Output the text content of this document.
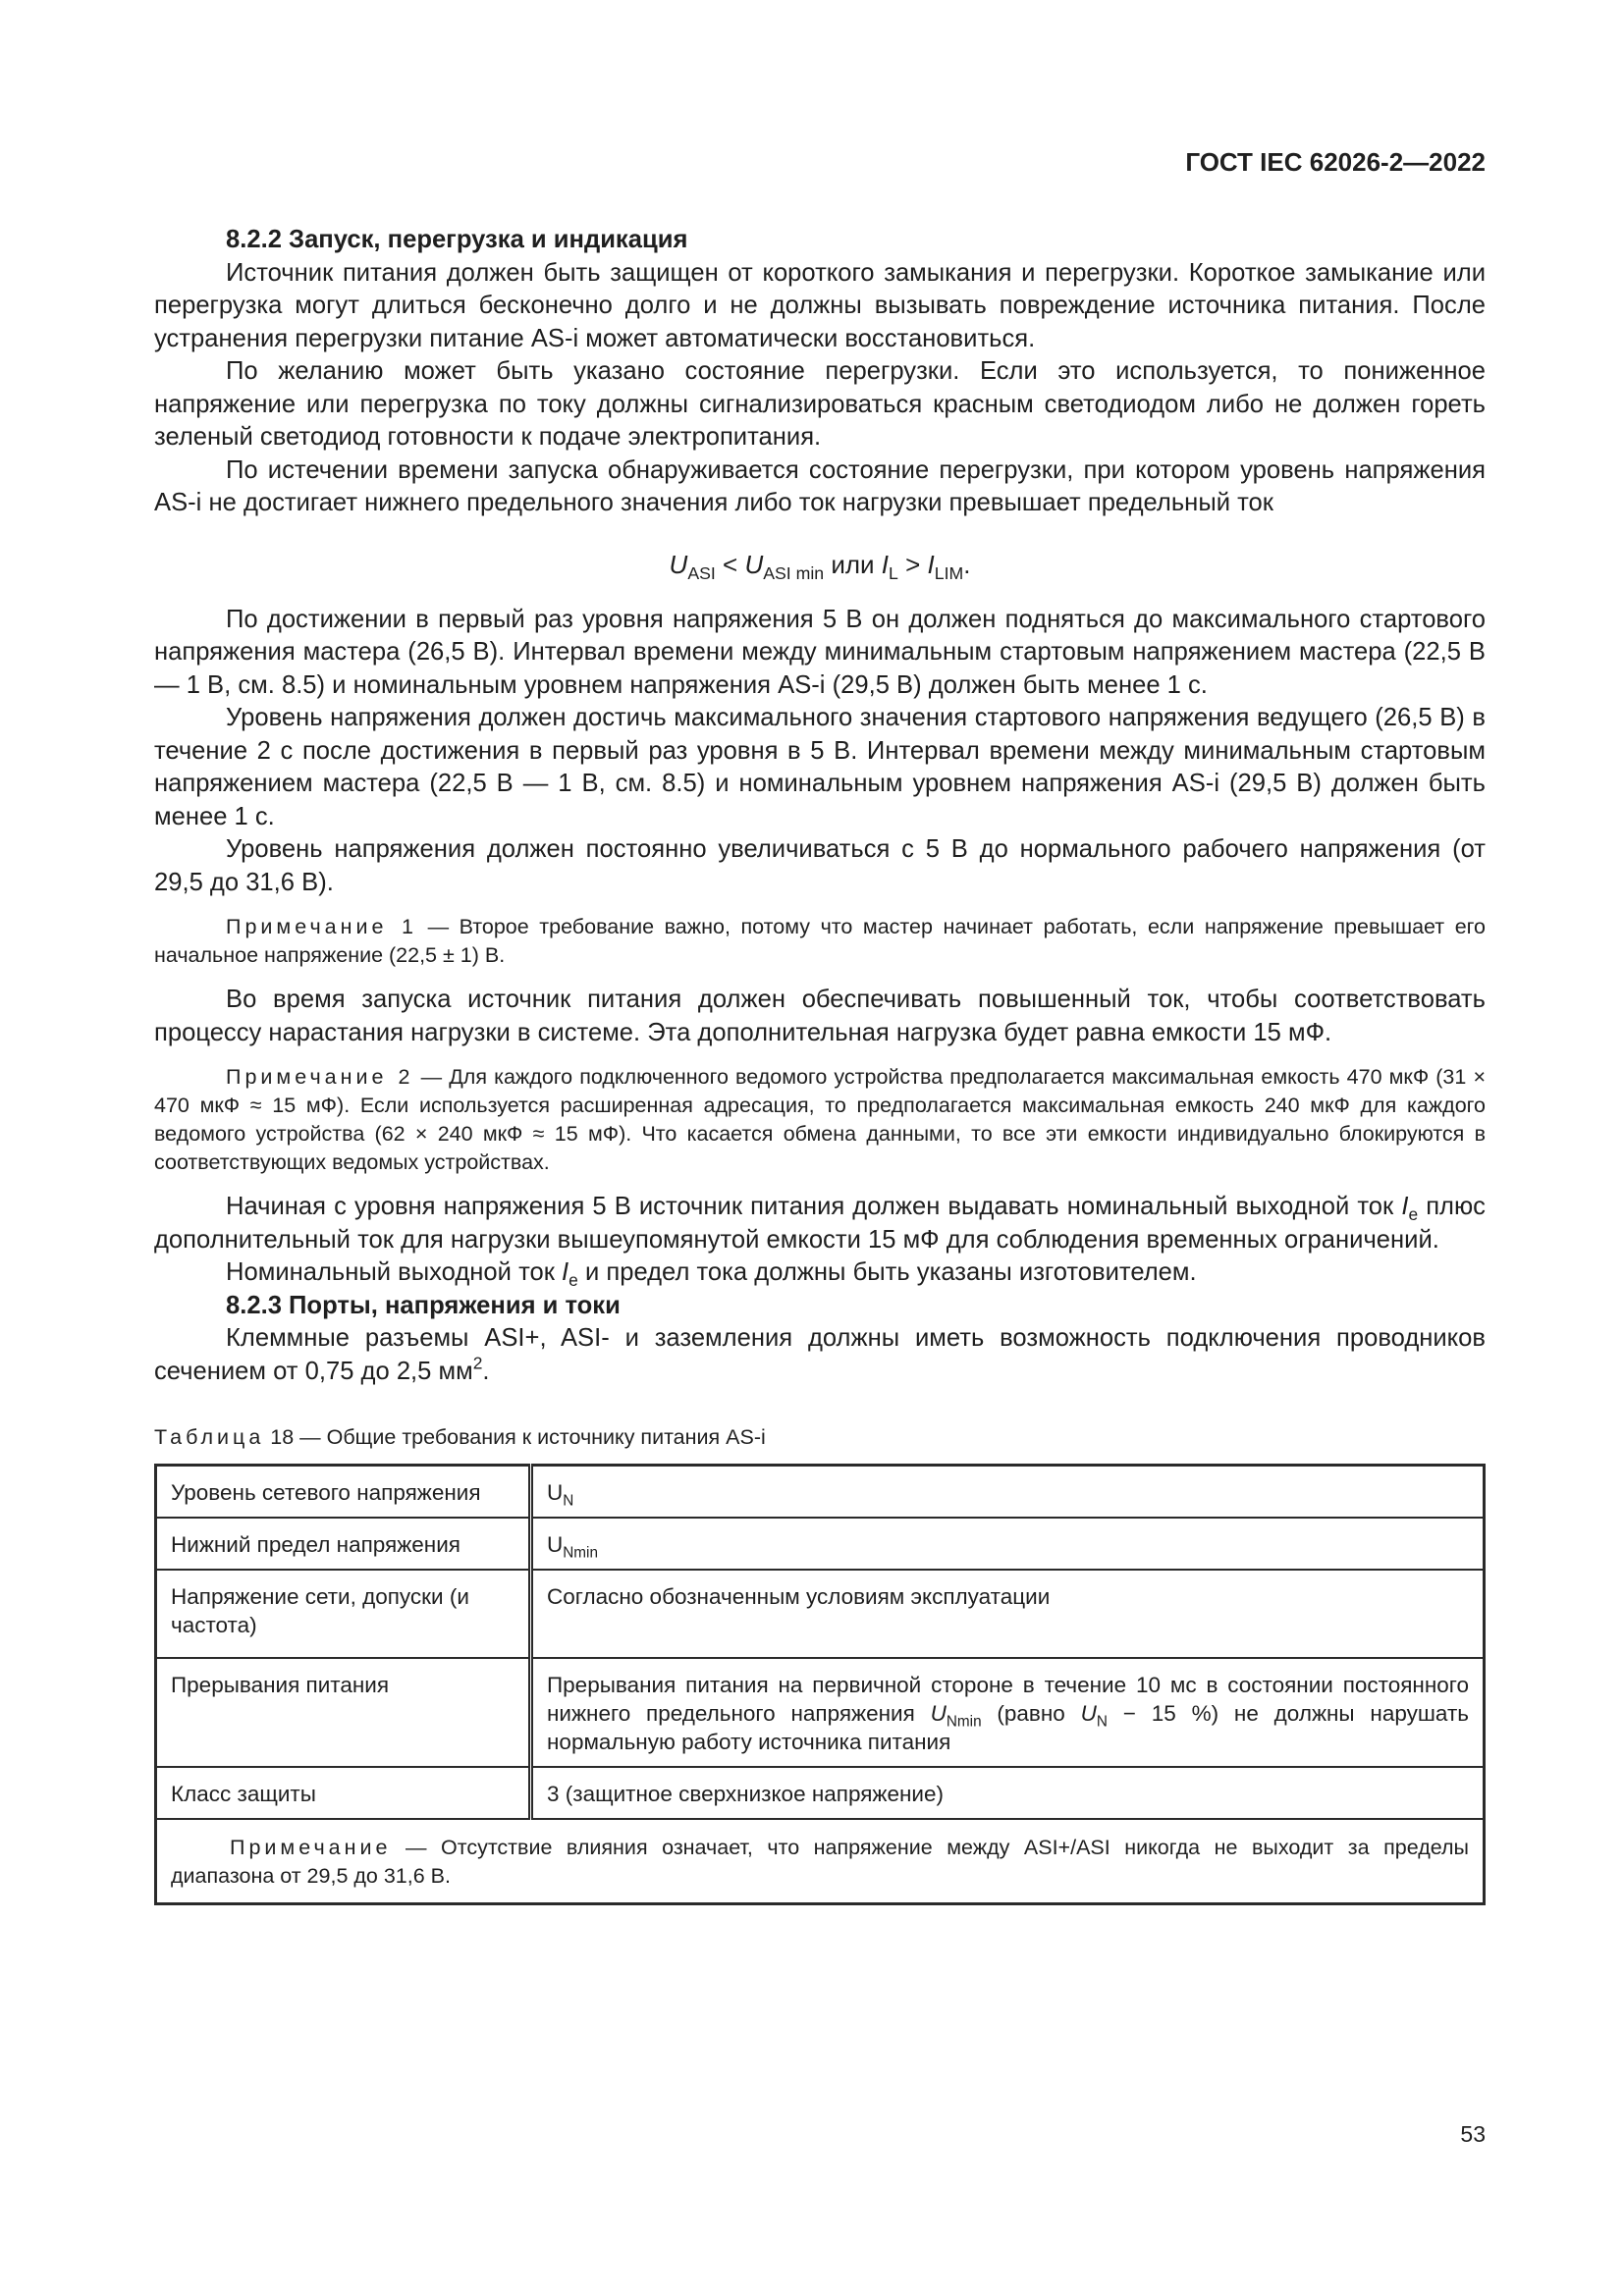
ГОСТ IEC 62026-2—2022

8.2.2 Запуск, перегрузка и индикация

Источник питания должен быть защищен от короткого замыкания и перегрузки. Короткое замыкание или перегрузка могут длиться бесконечно долго и не должны вызывать повреждение источника питания. После устранения перегрузки питание AS-i может автоматически восстановиться.

По желанию может быть указано состояние перегрузки. Если это используется, то пониженное напряжение или перегрузка по току должны сигнализироваться красным светодиодом либо не должен гореть зеленый светодиод готовности к подаче электропитания.

По истечении времени запуска обнаруживается состояние перегрузки, при котором уровень напряжения AS-i не достигает нижнего предельного значения либо ток нагрузки превышает предельный ток

$U_{ASI} < U_{ASI min}$ или $I_L > I_{LIM}$.

По достижении в первый раз уровня напряжения 5 В он должен подняться до максимального стартового напряжения мастера (26,5 В). Интервал времени между минимальным стартовым напряжением мастера (22,5 В — 1 В, см. 8.5) и номинальным уровнем напряжения AS-i (29,5 В) должен быть менее 1 с.

Уровень напряжения должен достичь максимального значения стартового напряжения ведущего (26,5 В) в течение 2 с после достижения в первый раз уровня в 5 В. Интервал времени между минимальным стартовым напряжением мастера (22,5 В — 1 В, см. 8.5) и номинальным уровнем напряжения AS-i (29,5 В) должен быть менее 1 с.

Уровень напряжения должен постоянно увеличиваться с 5 В до нормального рабочего напряжения (от 29,5 до 31,6 В).

Примечание 1 — Второе требование важно, потому что мастер начинает работать, если напряжение превышает его начальное напряжение (22,5 ± 1) В.

Во время запуска источник питания должен обеспечивать повышенный ток, чтобы соответствовать процессу нарастания нагрузки в системе. Эта дополнительная нагрузка будет равна емкости 15 мФ.

Примечание 2 — Для каждого подключенного ведомого устройства предполагается максимальная емкость 470 мкФ (31 × 470 мкФ ≈ 15 мФ). Если используется расширенная адресация, то предполагается максимальная емкость 240 мкФ для каждого ведомого устройства (62 × 240 мкФ ≈ 15 мФ). Что касается обмена данными, то все эти емкости индивидуально блокируются в соответствующих ведомых устройствах.

Начиная с уровня напряжения 5 В источник питания должен выдавать номинальный выходной ток $I_e$ плюс дополнительный ток для нагрузки вышеупомянутой емкости 15 мФ для соблюдения временных ограничений.

Номинальный выходной ток $I_e$ и предел тока должны быть указаны изготовителем.

8.2.3 Порты, напряжения и токи

Клеммные разъемы ASI+, ASI- и заземления должны иметь возможность подключения проводников сечением от 0,75 до 2,5 $мм^2$.

Таблица 18 — Общие требования к источнику питания AS-i
Уровень сетевого напряжения	$U_N$
Нижний предел напряжения	$U_{Nmin}$
Напряжение сети, допуски (и частота)	Согласно обозначенным условиям эксплуатации
Прерывания питания	Прерывания питания на первичной стороне в течение 10 мс в состоянии постоянного нижнего предельного напряжения $U_{Nmin}$ (равно $U_N - 15$ %) не должны нарушать нормальную работу источника питания
Класс защиты	3 (защитное сверхнизкое напряжение)
Примечание — Отсутствие влияния означает, что напряжение между ASI+/ASI никогда не выходит за пределы диапазона от 29,5 до 31,6 В.	
53
